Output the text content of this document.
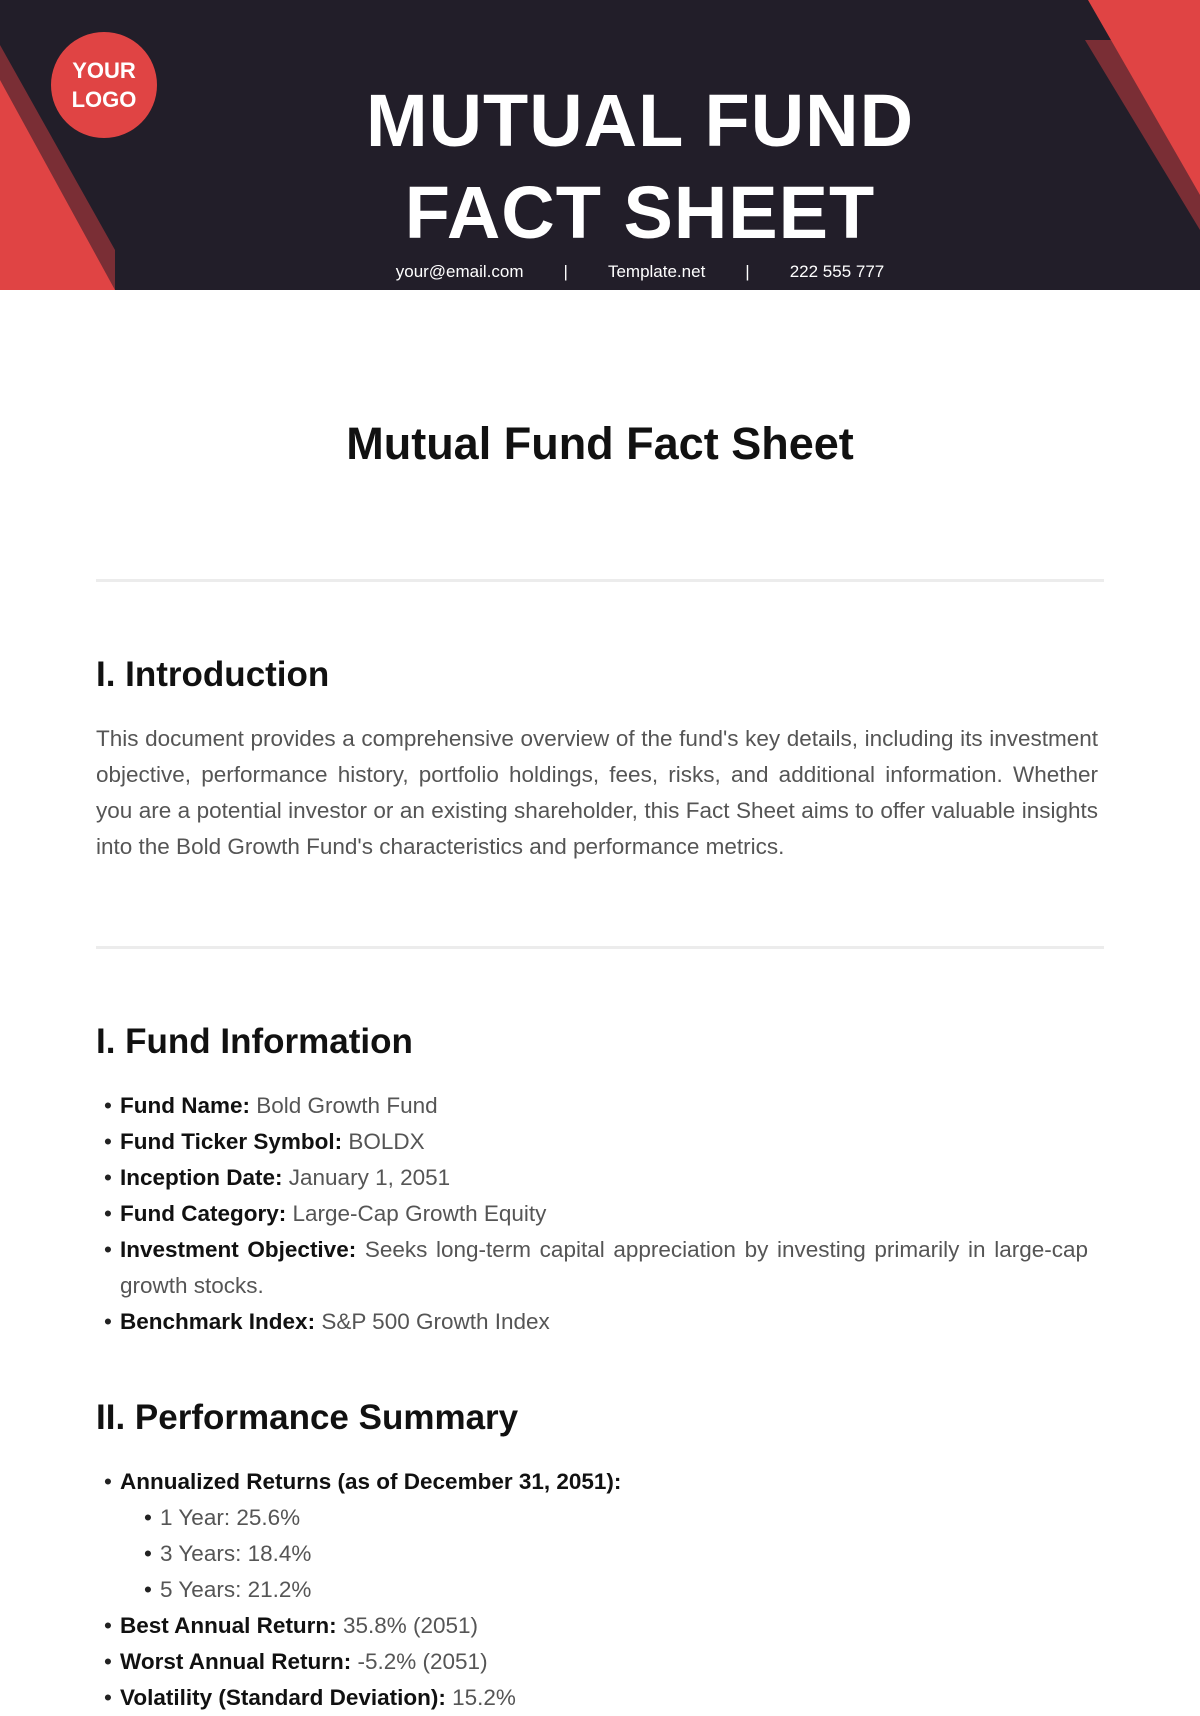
YOUR LOGO	MUTUAL FUND
FACT SHEET
your@email.com | Template.net | 222 555 777
Mutual Fund Fact Sheet
I. Introduction

This document provides a comprehensive overview of the fund's key details, including its investment objective, performance history, portfolio holdings, fees, risks, and additional information. Whether you are a potential investor or an existing shareholder, this Fact Sheet aims to offer valuable insights into the Bold Growth Fund's characteristics and performance metrics.

I. Fund Information
• Fund Name: Bold Growth Fund
• Fund Ticker Symbol: BOLDX
• Inception Date: January 1, 2051
• Fund Category: Large-Cap Growth Equity
• Investment Objective: Seeks long-term capital appreciation by investing primarily in large-cap growth stocks.
• Benchmark Index: S&P 500 Growth Index
II. Performance Summary
• Annualized Returns (as of December 31, 2051):
• 1 Year: 25.6%
• 3 Years: 18.4%
• 5 Years: 21.2%
• Best Annual Return: 35.8% (2051)
• Worst Annual Return: -5.2% (2051)
• Volatility (Standard Deviation): 15.2%
